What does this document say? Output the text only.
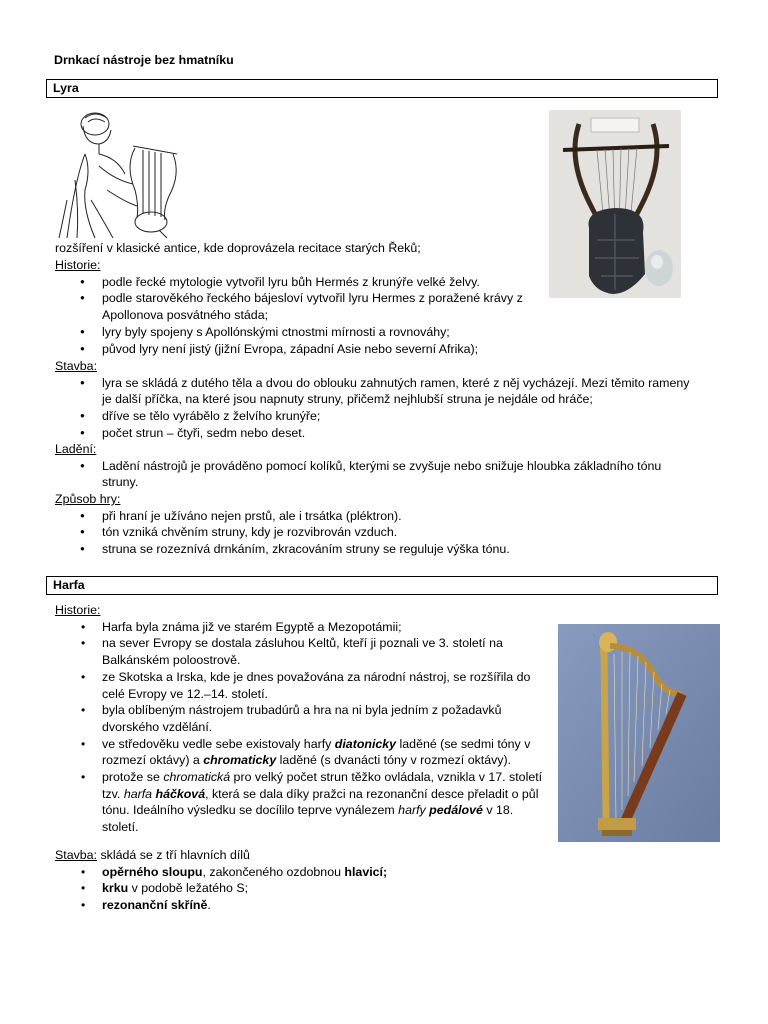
Drnkací nástroje bez hmatníku
Lyra
rozšíření v klasické antice, kde doprovázela recitace starých Řeků;
Historie:
● podle řecké mytologie vytvořil lyru bůh Hermés z krunýře velké želvy.
● podle starověkého řeckého bájesloví vytvořil lyru Hermes z poražené krávy z Apollonova posvátného stáda;
● lyry byly spojeny s Apollónskými ctnostmi mírnosti a rovnováhy;
● původ lyry není jistý (jižní Evropa, západní Asie nebo severní Afrika);
Stavba:
● lyra se skládá z dutého těla a dvou do oblouku zahnutých ramen, které z něj vycházejí. Mezi těmito rameny je další příčka, na které jsou napnuty struny, přičemž nejhlubší struna je nejdále od hráče;
● dříve se tělo vyrábělo z želvího krunýře;
● počet strun – čtyři, sedm nebo deset.
Ladění:
● Ladění nástrojů je prováděno pomocí kolíků, kterými se zvyšuje nebo snižuje hloubka základního tónu struny.
Způsob hry:
● při hraní je užíváno nejen prstů, ale i trsátka (pléktron).
● tón vzniká chvěním struny, kdy je rozvibrován vzduch.
● struna se rozeznívá drnkáním, zkracováním struny se reguluje výška tónu.
Harfa
Historie:
• Harfa byla známa již ve starém Egyptě a Mezopotámii;
• na sever Evropy se dostala zásluhou Keltů, kteří ji poznali ve 3. století na Balkánském poloostrově.
• ze Skotska a Irska, kde je dnes považována za národní nástroj, se rozšířila do celé Evropy ve 12.–14. století.
• byla oblíbeným nástrojem trubadúrů a hra na ni byla jedním z požadavků dvorského vzdělání.
• ve středověku vedle sebe existovaly harfy diatonicky laděné (se sedmi tóny v rozmezí oktávy) a chromaticky laděné (s dvanácti tóny v rozmezí oktávy).
• protože se chromatická pro velký počet strun těžko ovládala, vznikla v 17. století tzv. harfa háčková, která se dala díky pražci na rezonanční desce přeladit o půl tónu. Ideálního výsledku se docílilo teprve vynálezem harfy pedálové v 18. století.
Stavba: skládá se z tří hlavních dílů
• opěrného sloupu, zakončeného ozdobnou hlavicí;
• krku v podobě ležatého S;
• rezonanční skříně.
